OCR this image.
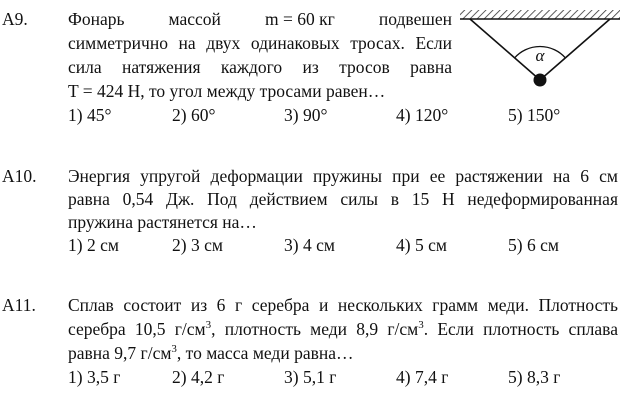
A9. Фонарь	массой	m = 60 кг	подвешен
симметрично на двух одинаковых тросах. Если
сила натяжения каждого из тросов равна
T = 424 Н, то угол между тросами равен…
1) 45°	2) 60°	3) 90°	4) 120°	5) 150°
α
A10. Энергия упругой деформации пружины при ее растяжении на 6 см
равна 0,54 Дж. Под действием силы в 15 Н недеформированная
пружина растянется на…
1) 2 см	2) 3 см	3) 4 см	4) 5 см	5) 6 см
A11. Сплав состоит из 6 г серебра и нескольких грамм меди. Плотность
серебра 10,5 $г/см^3$, плотность меди 8,9 $г/см^3$. Если плотность сплава
равна 9,7 $г/см^3$, то масса меди равна…
1) 3,5 г	2) 4,2 г	3) 5,1 г	4) 7,4 г	5) 8,3 г
